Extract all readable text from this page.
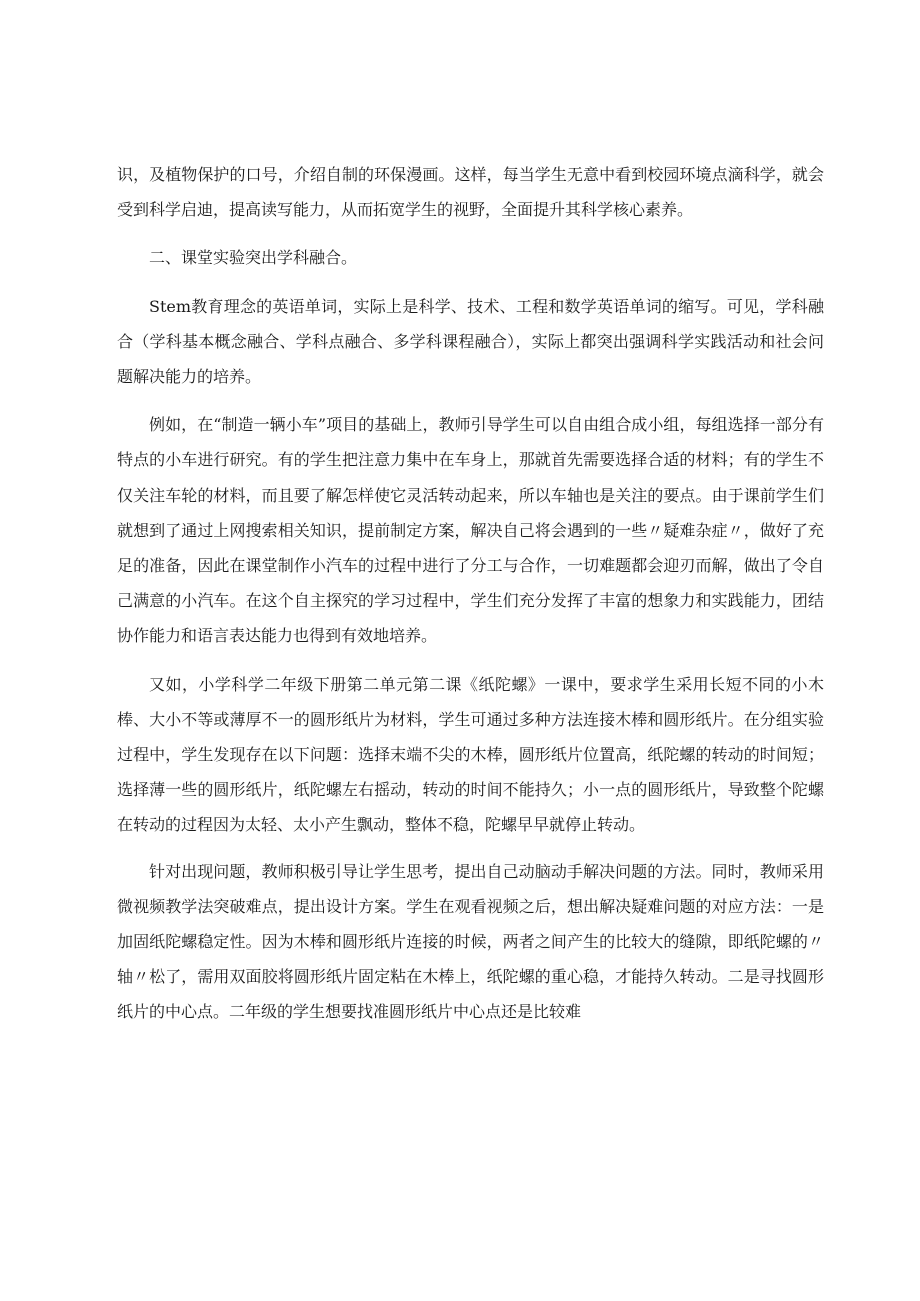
识，及植物保护的口号，介绍自制的环保漫画。这样，每当学生无意中看到校园环境点滴科学，就会受到科学启迪，提高读写能力，从而拓宽学生的视野，全面提升其科学核心素养。

二、课堂实验突出学科融合。

Stem教育理念的英语单词，实际上是科学、技术、工程和数学英语单词的缩写。可见，学科融合（学科基本概念融合、学科点融合、多学科课程融合），实际上都突出强调科学实践活动和社会问题解决能力的培养。

例如，在“制造一辆小车”项目的基础上，教师引导学生可以自由组合成小组，每组选择一部分有特点的小车进行研究。有的学生把注意力集中在车身上，那就首先需要选择合适的材料；有的学生不仅关注车轮的材料，而且要了解怎样使它灵活转动起来，所以车轴也是关注的要点。由于课前学生们就想到了通过上网搜索相关知识，提前制定方案，解决自己将会遇到的一些〃疑难杂症〃，做好了充足的准备，因此在课堂制作小汽车的过程中进行了分工与合作，一切难题都会迎刃而解，做出了令自己满意的小汽车。在这个自主探究的学习过程中，学生们充分发挥了丰富的想象力和实践能力，团结协作能力和语言表达能力也得到有效地培养。

又如，小学科学二年级下册第二单元第二课《纸陀螺》一课中，要求学生采用长短不同的小木棒、大小不等或薄厚不一的圆形纸片为材料，学生可通过多种方法连接木棒和圆形纸片。在分组实验过程中，学生发现存在以下问题：选择末端不尖的木棒，圆形纸片位置高，纸陀螺的转动的时间短；选择薄一些的圆形纸片，纸陀螺左右摇动，转动的时间不能持久；小一点的圆形纸片，导致整个陀螺在转动的过程因为太轻、太小产生飘动，整体不稳，陀螺早早就停止转动。

针对出现问题，教师积极引导让学生思考，提出自己动脑动手解决问题的方法。同时，教师采用微视频教学法突破难点，提出设计方案。学生在观看视频之后，想出解决疑难问题的对应方法：一是加固纸陀螺稳定性。因为木棒和圆形纸片连接的时候，两者之间产生的比较大的缝隙，即纸陀螺的〃轴〃松了，需用双面胶将圆形纸片固定粘在木棒上，纸陀螺的重心稳，才能持久转动。二是寻找圆形纸片的中心点。二年级的学生想要找准圆形纸片中心点还是比较难
